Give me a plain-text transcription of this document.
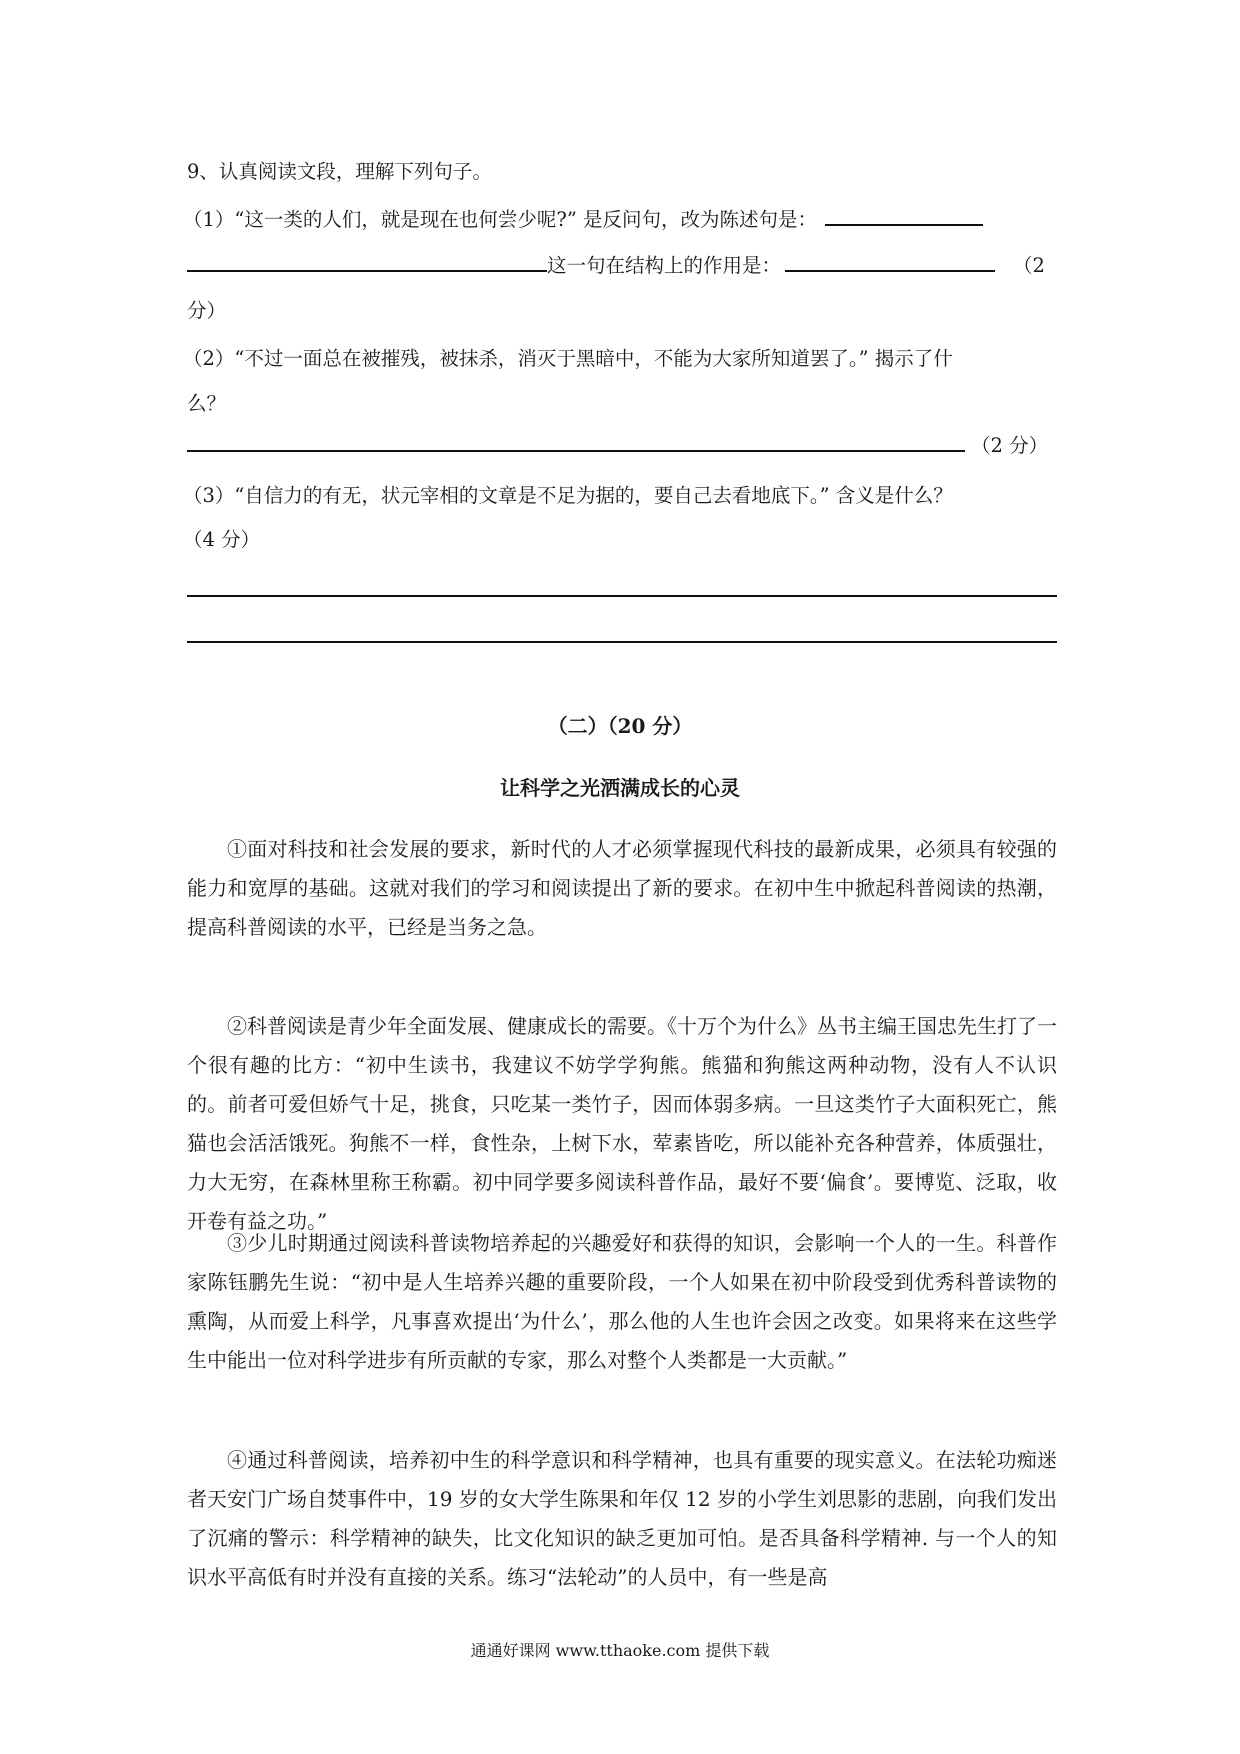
9、认真阅读文段，理解下列句子。
（1）“这一类的人们，就是现在也何尝少呢?” 是反问句，改为陈述句是：
这一句在结构上的作用是：	（2
分）
（2）“不过一面总在被摧残，被抹杀，消灭于黑暗中，不能为大家所知道罢了。” 揭示了什
么？
（2 分）
（3）“自信力的有无，状元宰相的文章是不足为据的，要自己去看地底下。” 含义是什么？
（4 分）
（二）（20 分）
让科学之光洒满成长的心灵
①面对科技和社会发展的要求，新时代的人才必须掌握现代科技的最新成果，必须具有较强的能力和宽厚的基础。这就对我们的学习和阅读提出了新的要求。在初中生中掀起科普阅读的热潮，提高科普阅读的水平，已经是当务之急。
②科普阅读是青少年全面发展、健康成长的需要。《十万个为什么》丛书主编王国忠先生打了一个很有趣的比方：“初中生读书，我建议不妨学学狗熊。熊猫和狗熊这两种动物，没有人不认识的。前者可爱但娇气十足，挑食，只吃某一类竹子，因而体弱多病。一旦这类竹子大面积死亡，熊猫也会活活饿死。狗熊不一样，食性杂，上树下水，荤素皆吃，所以能补充各种营养，体质强壮，力大无穷，在森林里称王称霸。初中同学要多阅读科普作品，最好不要‘偏食’。要博览、泛取，收开卷有益之功。”
③少儿时期通过阅读科普读物培养起的兴趣爱好和获得的知识，会影响一个人的一生。科普作家陈钰鹏先生说：“初中是人生培养兴趣的重要阶段，一个人如果在初中阶段受到优秀科普读物的熏陶，从而爱上科学，凡事喜欢提出‘为什么’，那么他的人生也许会因之改变。如果将来在这些学生中能出一位对科学进步有所贡献的专家，那么对整个人类都是一大贡献。”
④通过科普阅读，培养初中生的科学意识和科学精神，也具有重要的现实意义。在法轮功痴迷者天安门广场自焚事件中，19 岁的女大学生陈果和年仅 12 岁的小学生刘思影的悲剧，向我们发出了沉痛的警示：科学精神的缺失，比文化知识的缺乏更加可怕。是否具备科学精神. 与一个人的知识水平高低有时并没有直接的关系。练习“法轮动”的人员中，有一些是高
通通好课网 www.tthaoke.com 提供下载
